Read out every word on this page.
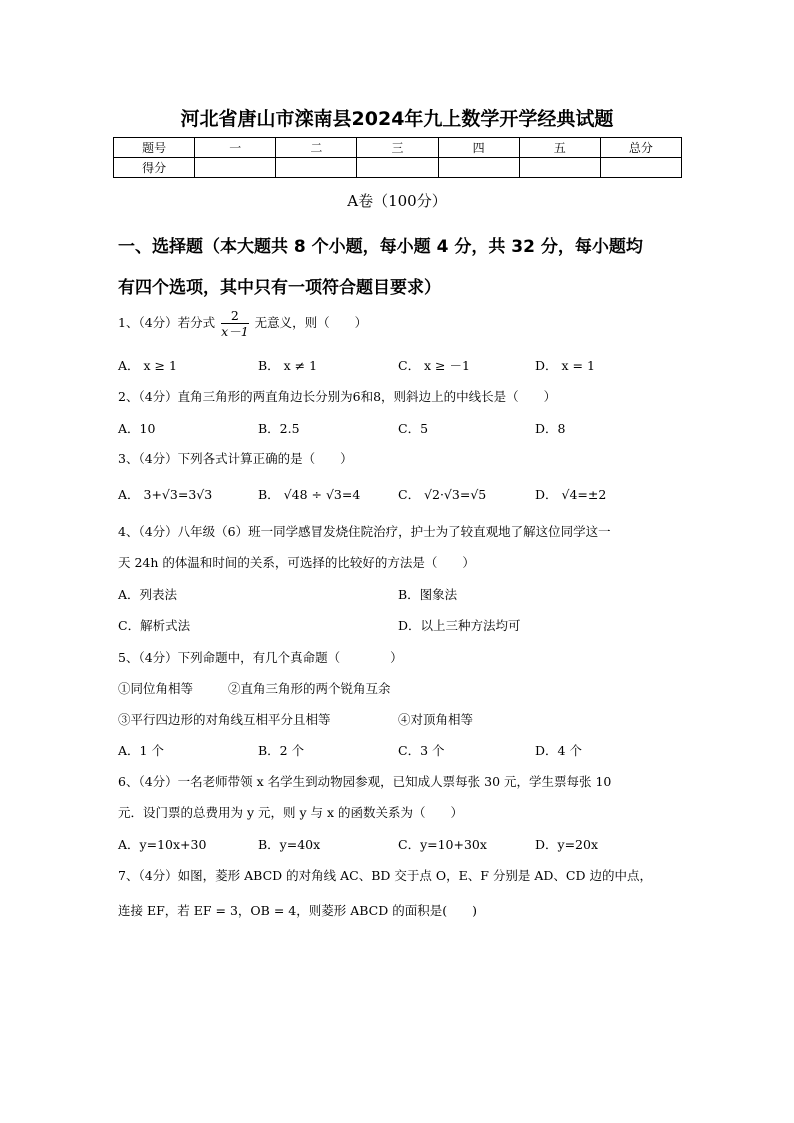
河北省唐山市滦南县2024年九上数学开学经典试题
题号	一	二	三	四	五	总分
得分						
A卷（100分）
一、选择题（本大题共 8 个小题，每小题 4 分，共 32 分，每小题均
有四个选项，其中只有一项符合题目要求）
1、（4分）若分式 $\frac{2}{x-1}$ 无意义，则（　　）
A． x ≥ 1	B． x ≠ 1	C． x ≥ －1	D． x = 1
2、（4分）直角三角形的两直角边长分别为6和8，则斜边上的中线长是（　　）
A．10	B．2.5	C．5	D．8
3、（4分）下列各式计算正确的是（　　）
A． 3+√3=3√3	B． √48 ÷ √3=4	C． √2·√3=√5	D． √4=±2
4、（4分）八年级（6）班一同学感冒发烧住院治疗，护士为了较直观地了解这位同学这一
天 24h 的体温和时间的关系，可选择的比较好的方法是（　　）
A．列表法	B．图象法
C．解析式法	D．以上三种方法均可
5、（4分）下列命题中，有几个真命题（　　　　）
①同位角相等	②直角三角形的两个锐角互余
③平行四边形的对角线互相平分且相等	④对顶角相等
A．1 个	B．2 个	C．3 个	D．4 个
6、（4分）一名老师带领 x 名学生到动物园参观，已知成人票每张 30 元，学生票每张 10
元．设门票的总费用为 y 元，则 y 与 x 的函数关系为（　　）
A．y=10x+30	B．y=40x	C．y=10+30x	D．y=20x
7、（4分）如图，菱形 ABCD 的对角线 AC、BD 交于点 O，E、F 分别是 AD、CD 边的中点，
连接 EF，若 EF = 3，OB = 4，则菱形 ABCD 的面积是(　　)
